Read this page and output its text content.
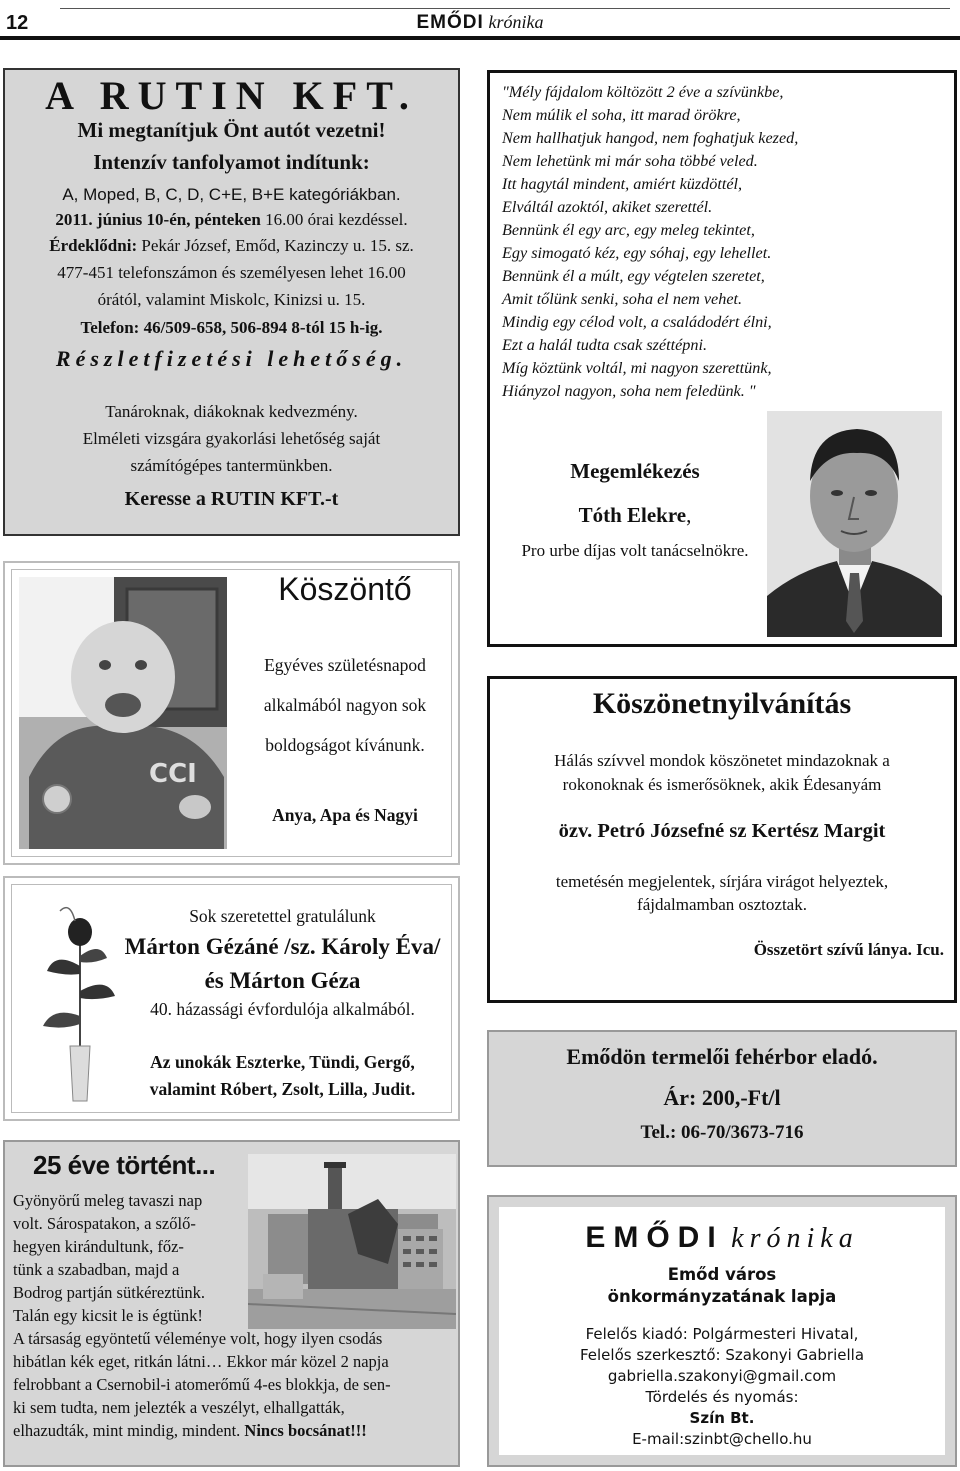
12	EMŐDI krónika
A RUTIN KFT.
Mi megtanítjuk Önt autót vezetni!
Intenzív tanfolyamot indítunk:
A, Moped, B, C, D, C+E, B+E kategóriákban.
2011. június 10-én, pénteken 16.00 órai kezdéssel.
Érdeklődni: Pekár József, Emőd, Kazinczy u. 15. sz.
477-451 telefonszámon és személyesen lehet 16.00
órától, valamint Miskolc, Kinizsi u. 15.
Telefon: 46/509-658, 506-894 8-tól 15 h-ig.
Részletfizetési lehetőség.
Tanároknak, diákoknak kedvezmény.
Elméleti vizsgára gyakorlási lehetőség saját
számítógépes tantermünkben.
Keresse a RUTIN KFT.-t
"Mély fájdalom költözött 2 éve a szívünkbe,
Nem múlik el soha, itt marad örökre,
Nem hallhatjuk hangod, nem foghatjuk kezed,
Nem lehetünk mi már soha többé veled.
Itt hagytál mindent, amiért küzdöttél,
Elváltál azoktól, akiket szerettél.
Bennünk él egy arc, egy meleg tekintet,
Egy simogató kéz, egy sóhaj, egy lehellet.
Bennünk él a múlt, egy végtelen szeretet,
Amit tőlünk senki, soha el nem vehet.
Mindig egy célod volt, a családodért élni,
Ezt a halál tudta csak széttépni.
Míg köztünk voltál, mi nagyon szerettünk,
Hiányzol nagyon, soha nem feledünk. "
Megemlékezés
Tóth Elekre,
Pro urbe díjas volt tanácselnökre.
CCI
Köszöntő
Egyéves születésnapod
alkalmából nagyon sok
boldogságot kívánunk.
Anya, Apa és Nagyi
Köszönetnyilvánítás
Hálás szívvel mondok köszönetet mindazoknak a
rokonoknak és ismerősöknek, akik Édesanyám
özv. Petró Józsefné sz Kertész Margit
temetésén megjelentek, sírjára virágot helyeztek,
fájdalmamban osztoztak.
Összetört szívű lánya. Icu.
Sok szeretettel gratulálunk
Márton Gézáné /sz. Károly Éva/
és Márton Géza
40. házassági évfordulója alkalmából.
Az unokák Eszterke, Tündi, Gergő,
valamint Róbert, Zsolt, Lilla, Judit.
Emődön termelői fehérbor eladó.
Ár: 200,-Ft/l
Tel.: 06-70/3673-716
25 éve történt...
Gyönyörű meleg tavaszi nap
volt. Sárospatakon, a szőlő-
hegyen kirándultunk, főz-
tünk a szabadban, majd a
Bodrog partján sütkéreztünk.
Talán egy kicsit le is égtünk!
A társaság egyöntetű véleménye volt, hogy ilyen csodás
hibátlan kék eget, ritkán látni… Ekkor már közel 2 napja
felrobbant a Csernobil-i atomerőmű 4-es blokkja, de sen-
ki sem tudta, nem jelezték a veszélyt, elhallgatták,
elhazudták, mint mindig, mindent. Nincs bocsánat!!!
EMŐDI krónika
Emőd város
önkormányzatának lapja
Felelős kiadó: Polgármesteri Hivatal,
Felelős szerkesztő: Szakonyi Gabriella
gabriella.szakonyi@gmail.com
Tördelés és nyomás:
Szín Bt.
E-mail:szinbt@chello.hu
